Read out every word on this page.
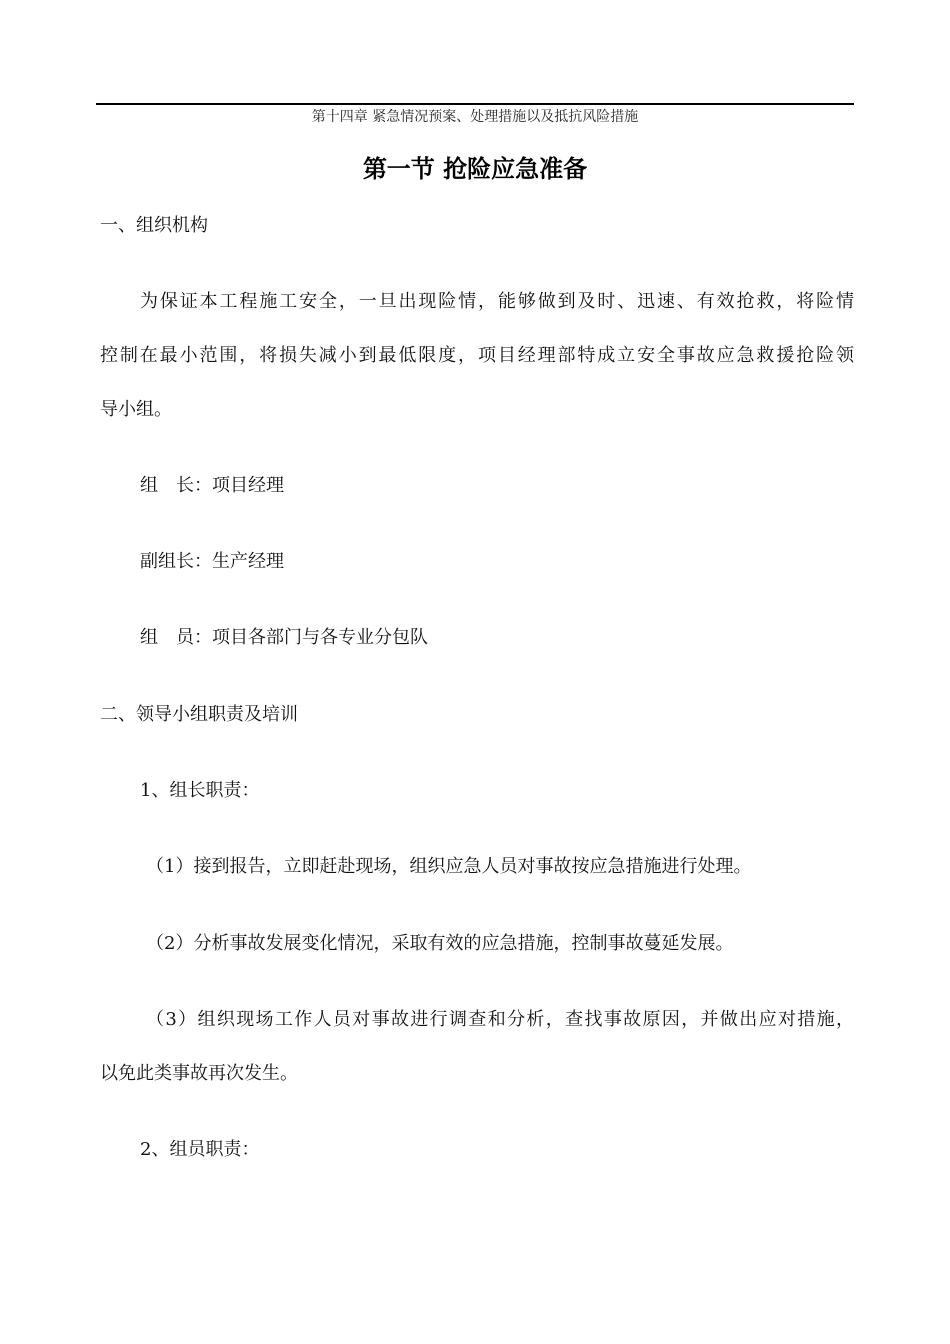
第十四章 紧急情况预案、处理措施以及抵抗风险措施
第一节 抢险应急准备
一、组织机构
为保证本工程施工安全，一旦出现险情，能够做到及时、迅速、有效抢救，将险情
控制在最小范围，将损失减小到最低限度，项目经理部特成立安全事故应急救援抢险领
导小组。
组　长：项目经理
副组长：生产经理
组　员：项目各部门与各专业分包队
二、领导小组职责及培训
1、组长职责：
（1）接到报告，立即赶赴现场，组织应急人员对事故按应急措施进行处理。
（2）分析事故发展变化情况，采取有效的应急措施，控制事故蔓延发展。
（3）组织现场工作人员对事故进行调查和分析，查找事故原因，并做出应对措施，
以免此类事故再次发生。
2、组员职责：
